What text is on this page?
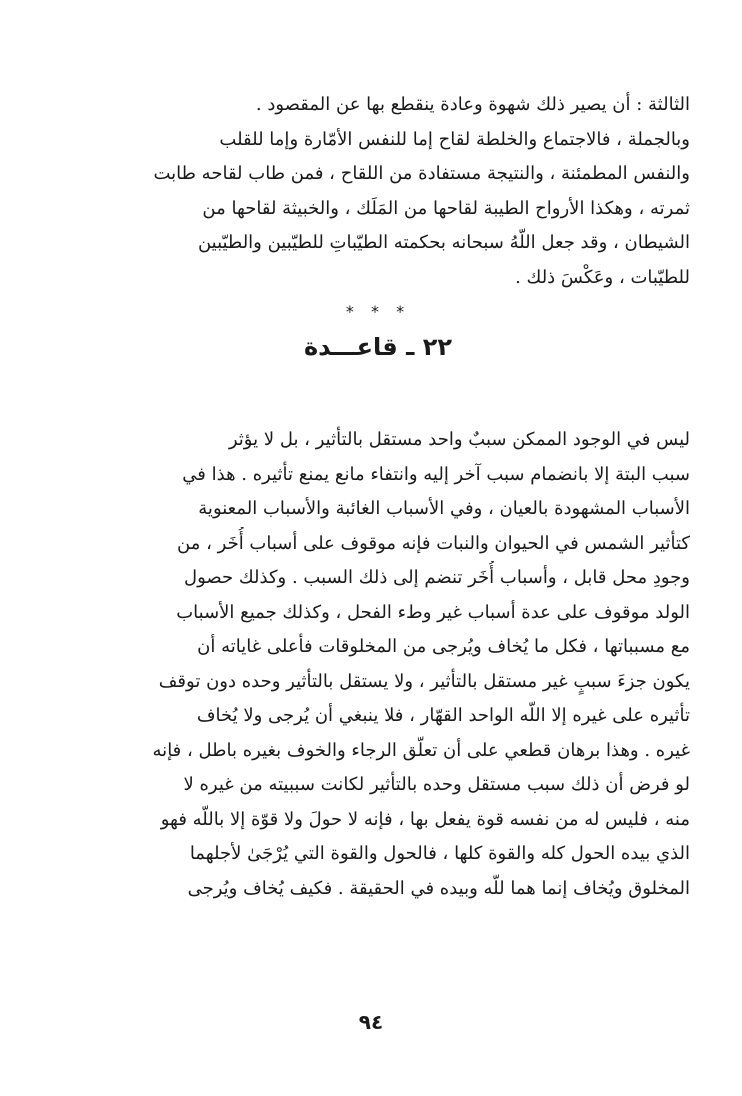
الثالثة : أن يصير ذلك شهوة وعادة ينقطع بها عن المقصود .
وبالجملة ، فالاجتماع والخلطة لقاح إما للنفس الأمّارة وإما للقلب
والنفس المطمئنة ، والنتيجة مستفادة من اللقاح ، فمن طاب لقاحه طابت
ثمرته ، وهكذا الأرواح الطيبة لقاحها من المَلَك ، والخبيثة لقاحها من
الشيطان ، وقد جعل اللّهُ سبحانه بحكمته الطيّباتِ للطيّبين والطيّبين
للطيّبات ، وعَكْسَ ذلك .
* * *
٢٢ ـ قاعـــدة
ليس في الوجود الممكن سببٌ واحد مستقل بالتأثير ، بل لا يؤثر
سبب البتة إلا بانضمام سبب آخر إليه وانتفاء مانع يمنع تأثيره . هذا في
الأسباب المشهودة بالعيان ، وفي الأسباب الغائبة والأسباب المعنوية
كتأثير الشمس في الحيوان والنبات فإنه موقوف على أسباب أُخَر ، من
وجودِ محل قابل ، وأسباب أُخَر تنضم إلى ذلك السبب . وكذلك حصول
الولد موقوف على عدة أسباب غير وطء الفحل ، وكذلك جميع الأسباب
مع مسبباتها ، فكل ما يُخاف ويُرجى من المخلوقات فأعلى غاياته أن
يكون جزءَ سببٍ غير مستقل بالتأثير ، ولا يستقل بالتأثير وحده دون توقف
تأثيره على غيره إلا اللّه الواحد القهّار ، فلا ينبغي أن يُرجى ولا يُخاف
غيره . وهذا برهان قطعي على أن تعلّق الرجاء والخوف بغيره باطل ، فإنه
لو فرض أن ذلك سبب مستقل وحده بالتأثير لكانت سببيته من غيره لا
منه ، فليس له من نفسه قوة يفعل بها ، فإنه لا حولَ ولا قوّة إلا باللّه فهو
الذي بيده الحول كله والقوة كلها ، فالحول والقوة التي يُرْجَىٰ لأجلهما
المخلوق ويُخاف إنما هما للّه وبيده في الحقيقة . فكيف يُخاف ويُرجى
٩٤
